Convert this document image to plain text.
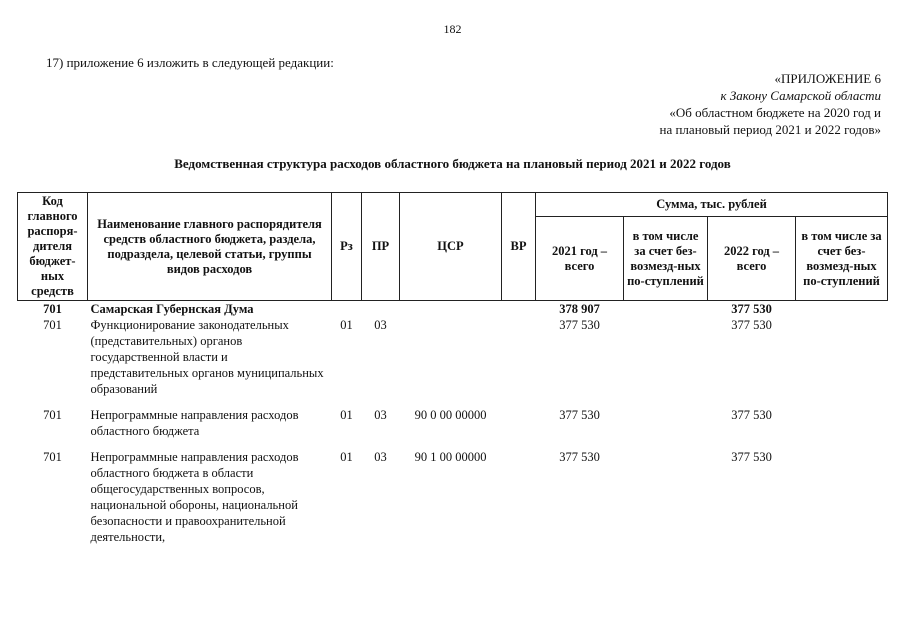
182
17) приложение 6 изложить в следующей редакции:
«ПРИЛОЖЕНИЕ 6
к Закону Самарской области
«Об областном бюджете на 2020 год и
на плановый период 2021 и 2022 годов»
Ведомственная структура расходов областного бюджета на плановый период 2021 и 2022 годов
Код главного распоря-дителя бюджет-ных средств	Наименование главного распорядителя средств областного бюджета, раздела, подраздела, целевой статьи, группы видов расходов	Рз	ПР	ЦСР	ВР	Сумма, тыс. рублей			
						2021 год – всего	в том числе за счет без-возмезд-ных по-ступлений	2022 год – всего	в том числе за счет без-возмезд-ных по-ступлений
701	Самарская Губернская Дума					378 907		377 530	
701	Функционирование законодательных (представительных) органов государственной власти и представительных органов муниципальных образований	01	03			377 530		377 530	
701	Непрограммные направления расходов областного бюджета	01	03	90 0 00 00000		377 530		377 530	
701	Непрограммные направления расходов областного бюджета в области общегосударственных вопросов, национальной обороны, национальной безопасности и правоохранительной деятельности,	01	03	90 1 00 00000		377 530		377 530	
